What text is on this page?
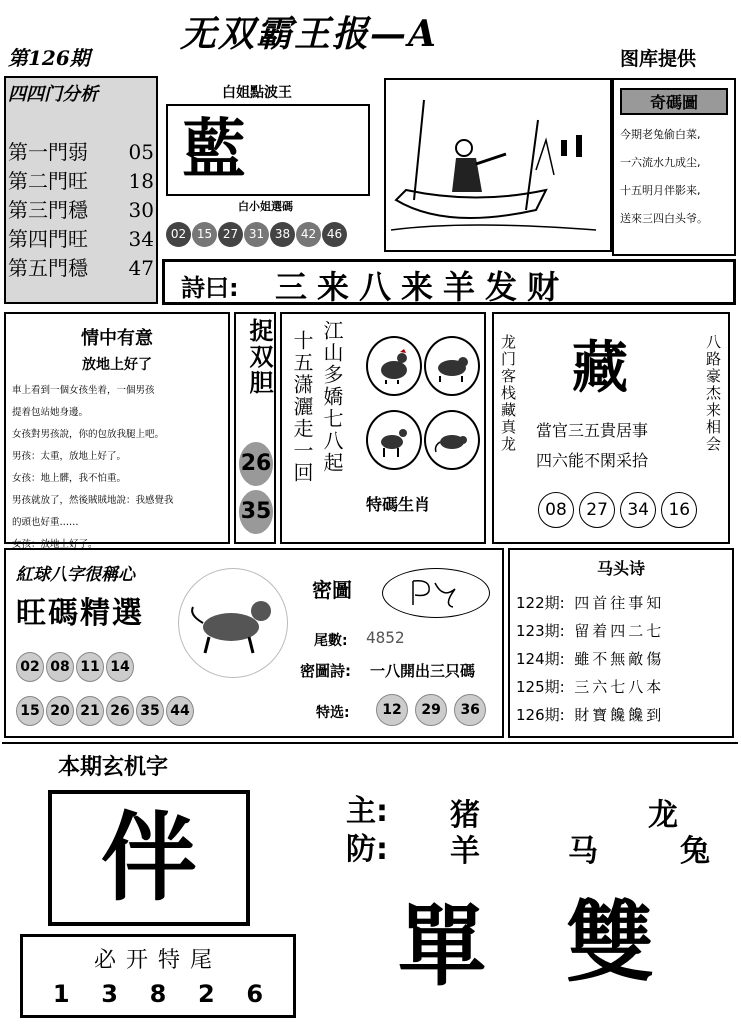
无双霸王报—A
第126期	图库提供
四四门分析
第一門弱 05
第二門旺 18
第三門穩 30
第四門旺 34
第五門穩 47
白姐點波王
藍
白小姐選碼
02 15 27 31 38 42 46
奇碼圖
今期老兔偷白菜,
一六流水九成尘,
十五明月伴影来,
送來三四白头爷。
詩曰: 三来八来羊发财
情中有意
放地上好了
車上看到一個女孩坐着，一個男孩
提着包站她身邊。
女孩對男孩說，你的包放我腿上吧。
男孩：太重，放地上好了。
女孩：地上髒，我不怕重。
男孩就放了，然後賊賊地說：我感覺我
的頭也好重……
女孩：放地上好了。
捉双胆
26 35
十五潇灑走一回 江山多嬌七八起
特碼生肖
龙门客栈藏真龙	八路豪杰来相会
藏
當官三五貴居事
四六能不閑采拾
08 27 34 16
紅球八字很稱心
旺碼精選
02 08 11 14
15 20 21 26 35 44
密圖
尾數: 4852
密圖詩: 一八開出三只碼
特选:	12 29 36
马头诗
122期: 四首往事知
123期: 留着四二七
124期: 雖不無敵傷
125期: 三六七八本
126期: 財寶饞饞到
本期玄机字
伴	主: 猪	龙
防: 羊	马	兔
單 雙
必开特尾
1 3 8 2 6
